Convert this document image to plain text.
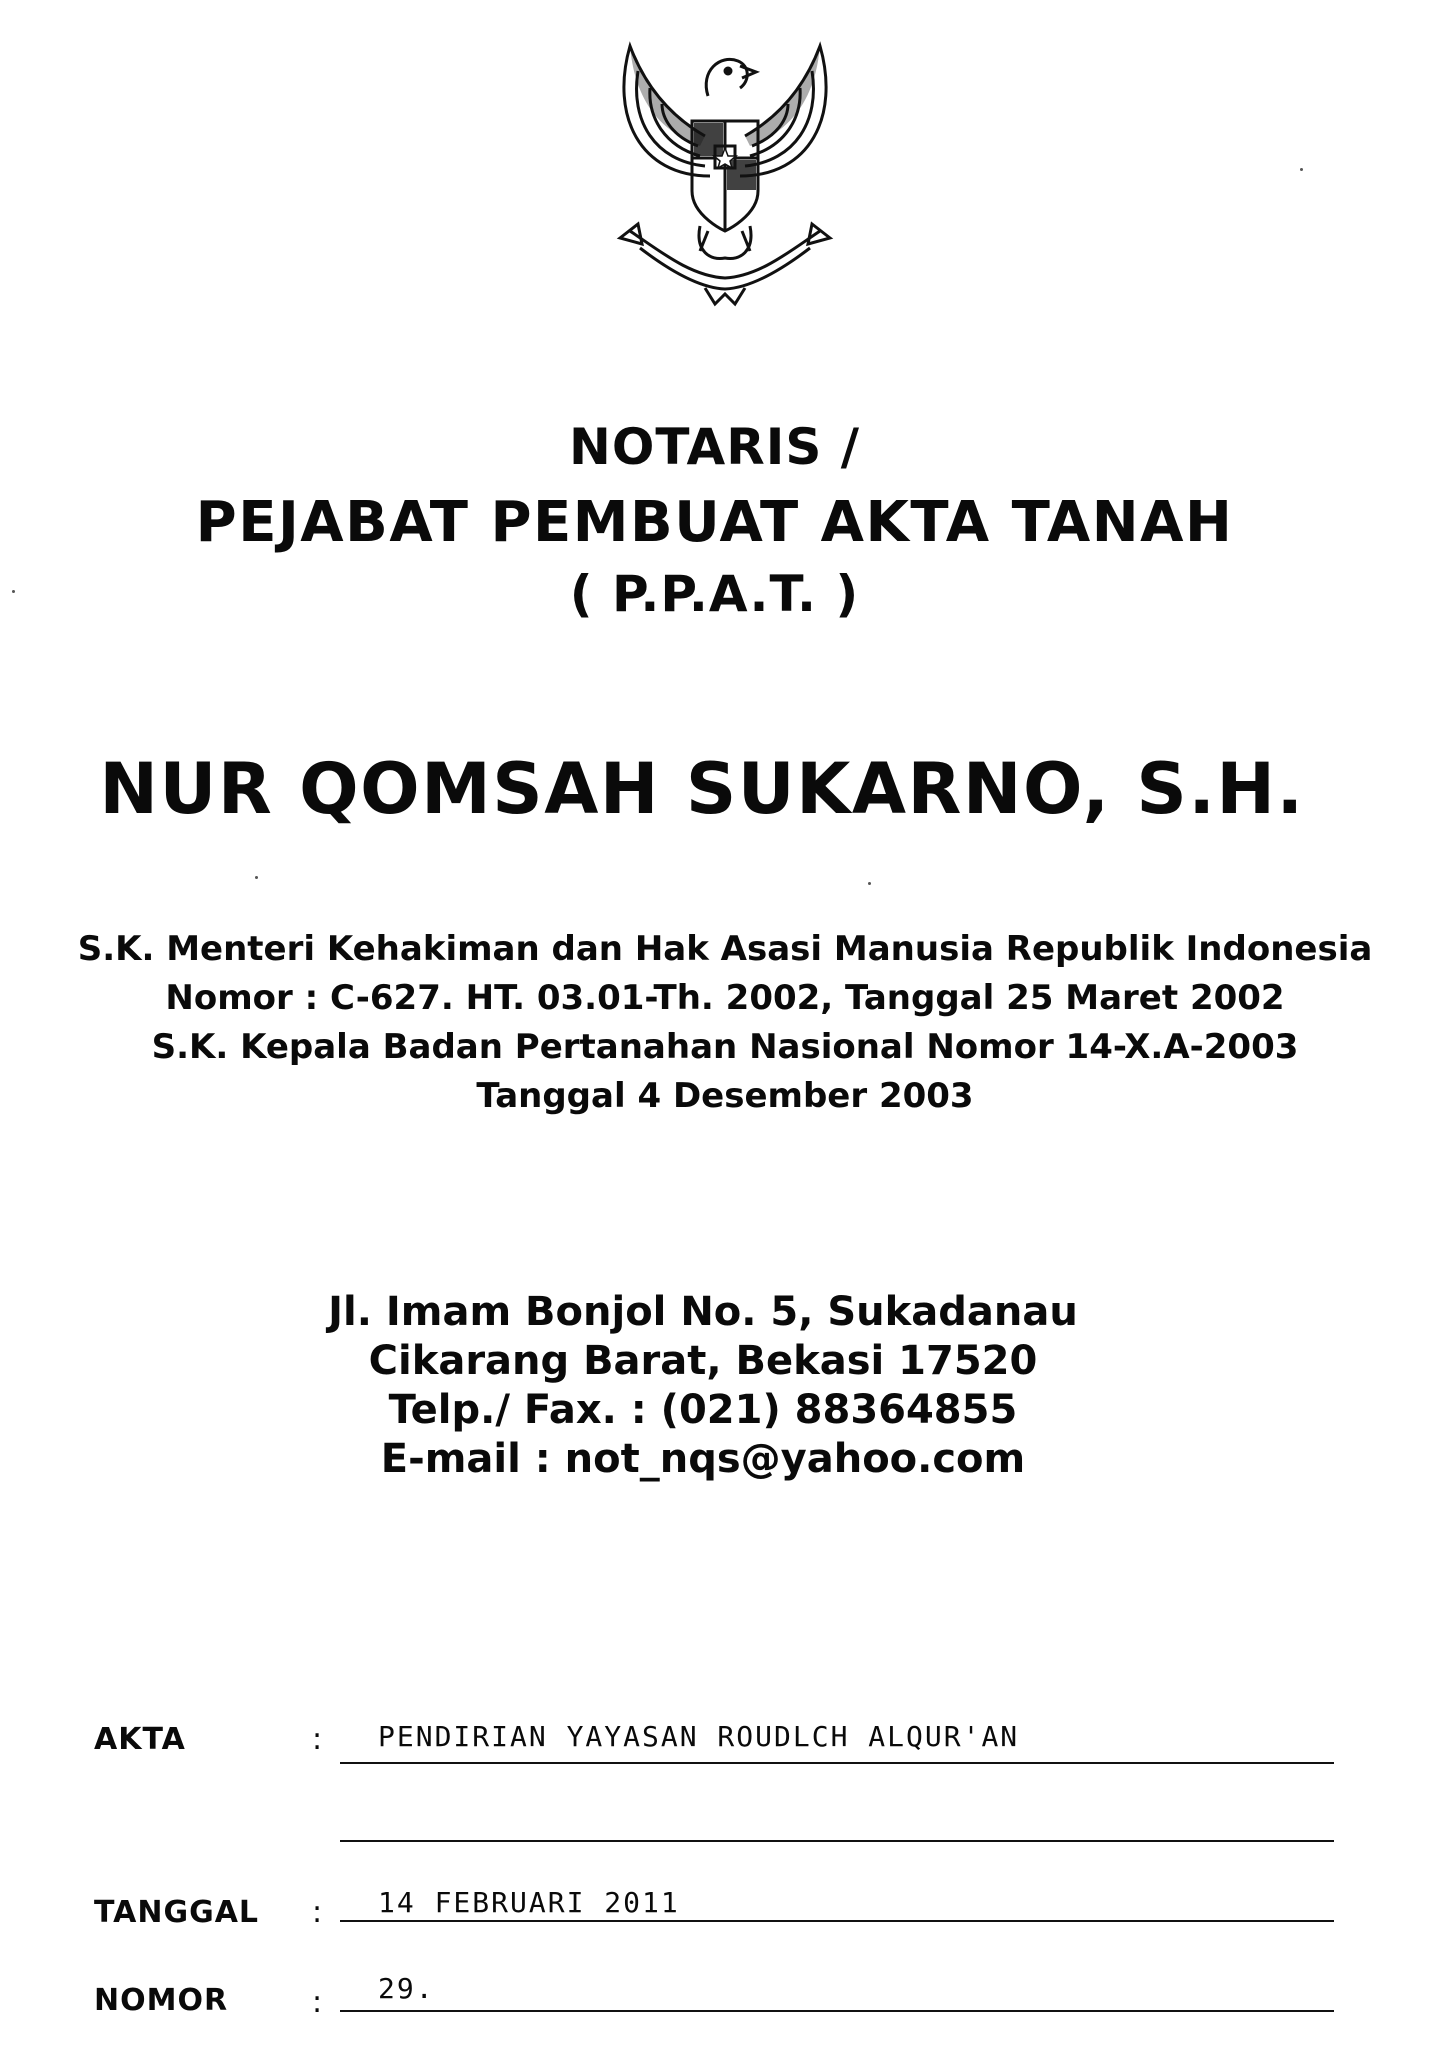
NOTARIS /
PEJABAT PEMBUAT AKTA TANAH
( P.P.A.T. )
NUR QOMSAH SUKARNO, S.H.
S.K. Menteri Kehakiman dan Hak Asasi Manusia Republik Indonesia
Nomor : C-627. HT. 03.01-Th. 2002, Tanggal 25 Maret 2002
S.K. Kepala Badan Pertanahan Nasional Nomor 14-X.A-2003
Tanggal 4 Desember 2003
Jl. Imam Bonjol No. 5, Sukadanau
Cikarang Barat, Bekasi 17520
Telp./ Fax. : (021) 88364855
E-mail : not_nqs@yahoo.com
AKTA	: PENDIRIAN YAYASAN ROUDLCH ALQUR'AN
TANGGAL : 14 FEBRUARI 2011
NOMOR	: 29.
